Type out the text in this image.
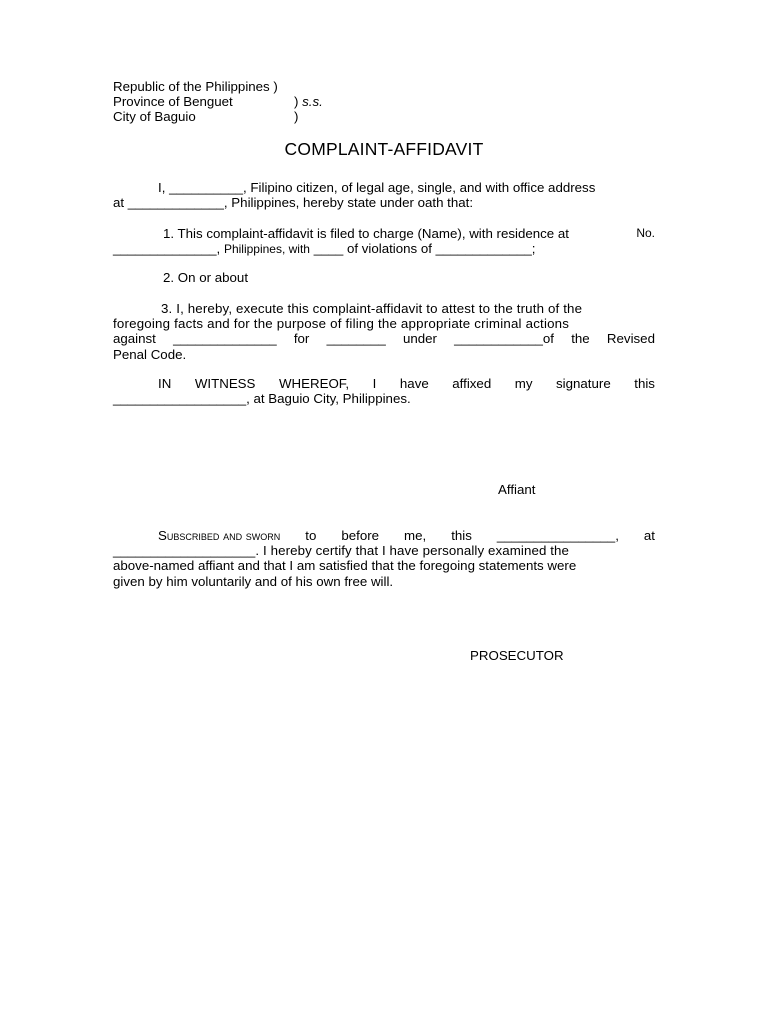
Republic of the Philippines )
Province of Benguet	) s.s.
City of Baguio	)
COMPLAINT-AFFIDAVIT
I, __________, Filipino citizen, of legal age, single, and with office address
at _____________, Philippines, hereby state under oath that:
1. This complaint-affidavit is filed to charge (Name), with residence at	No.
______________, Philippines, with ____ of violations of _____________;
2. On or about
3. I, hereby, execute this complaint-affidavit to attest to the truth of the
foregoing facts and for the purpose of filing the appropriate criminal actions
against ______________ for ________ under ____________of the Revised
Penal Code.
IN WITNESS WHEREOF, I have affixed my signature this
__________________, at Baguio City, Philippines.
Affiant
Subscribed and sworn to before me, this ________________, at
___________________. I hereby certify that I have personally examined the
above-named affiant and that I am satisfied that the foregoing statements were
given by him voluntarily and of his own free will.
PROSECUTOR
